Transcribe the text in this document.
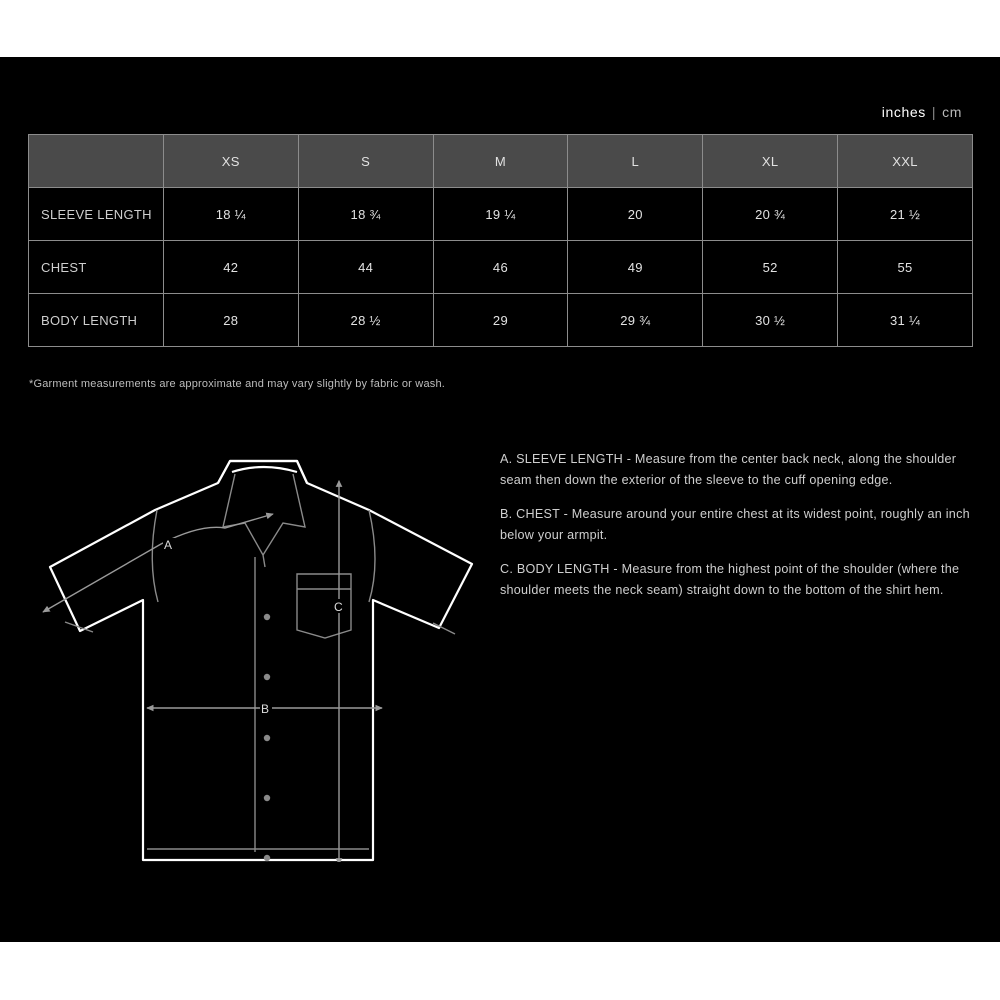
inches | cm
	XS	S	M	L	XL	XXL
SLEEVE LENGTH	18 ¼	18 ¾	19 ¼	20	20 ¾	21 ½
CHEST	42	44	46	49	52	55
BODY LENGTH	28	28 ½	29	29 ¾	30 ½	31 ¼
*Garment measurements are approximate and may vary slightly by fabric or wash.
A
B
C

A. SLEEVE LENGTH - Measure from the center back neck, along the shoulder seam then down the exterior of the sleeve to the cuff opening edge.

B. CHEST - Measure around your entire chest at its widest point, roughly an inch below your armpit.

C. BODY LENGTH - Measure from the highest point of the shoulder (where the shoulder meets the neck seam) straight down to the bottom of the shirt hem.
